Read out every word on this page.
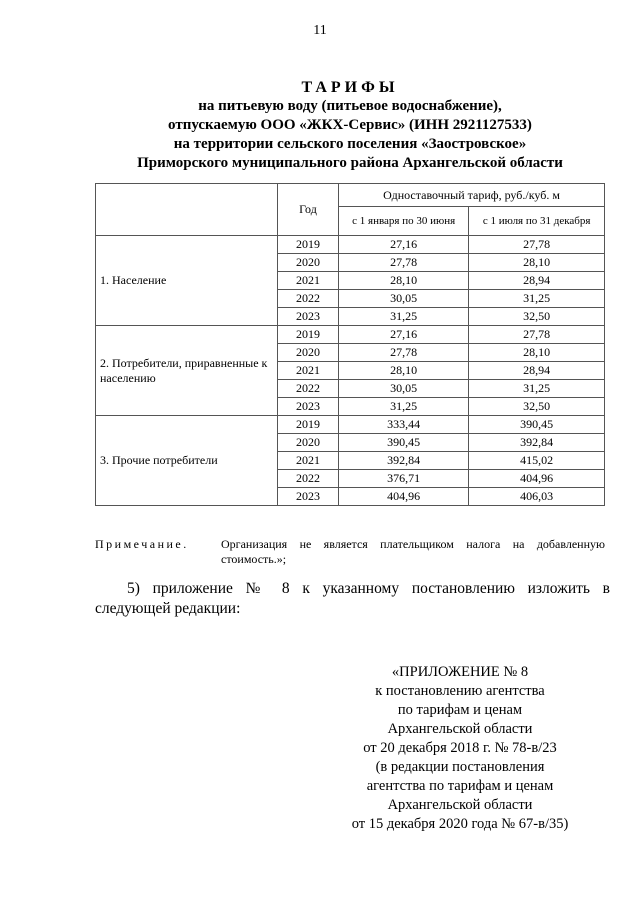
11
ТАРИФЫ
на питьевую воду (питьевое водоснабжение),
отпускаемую ООО «ЖКХ-Сервис» (ИНН 2921127533)
на территории сельского поселения «Заостровское»
Приморского муниципального района Архангельской области
	Год	Одноставочный тариф, руб./куб. м	
		с 1 января по 30 июня	с 1 июля по 31 декабря
1. Население	2019	27,16	27,78
	2020	27,78	28,10
	2021	28,10	28,94
	2022	30,05	31,25
	2023	31,25	32,50
2. Потребители, приравненные к населению	2019	27,16	27,78
	2020	27,78	28,10
	2021	28,10	28,94
	2022	30,05	31,25
	2023	31,25	32,50
3. Прочие потребители	2019	333,44	390,45
	2020	390,45	392,84
	2021	392,84	415,02
	2022	376,71	404,96
	2023	404,96	406,03
Примечание.	Организация не является плательщиком налога на добавленную стоимость.»;
5) приложение № 8 к указанному постановлению изложить в следующей редакции:
«ПРИЛОЖЕНИЕ № 8
к постановлению агентства
по тарифам и ценам
Архангельской области
от 20 декабря 2018 г. № 78-в/23
(в редакции постановления
агентства по тарифам и ценам
Архангельской области
от 15 декабря 2020 года № 67-в/35)
